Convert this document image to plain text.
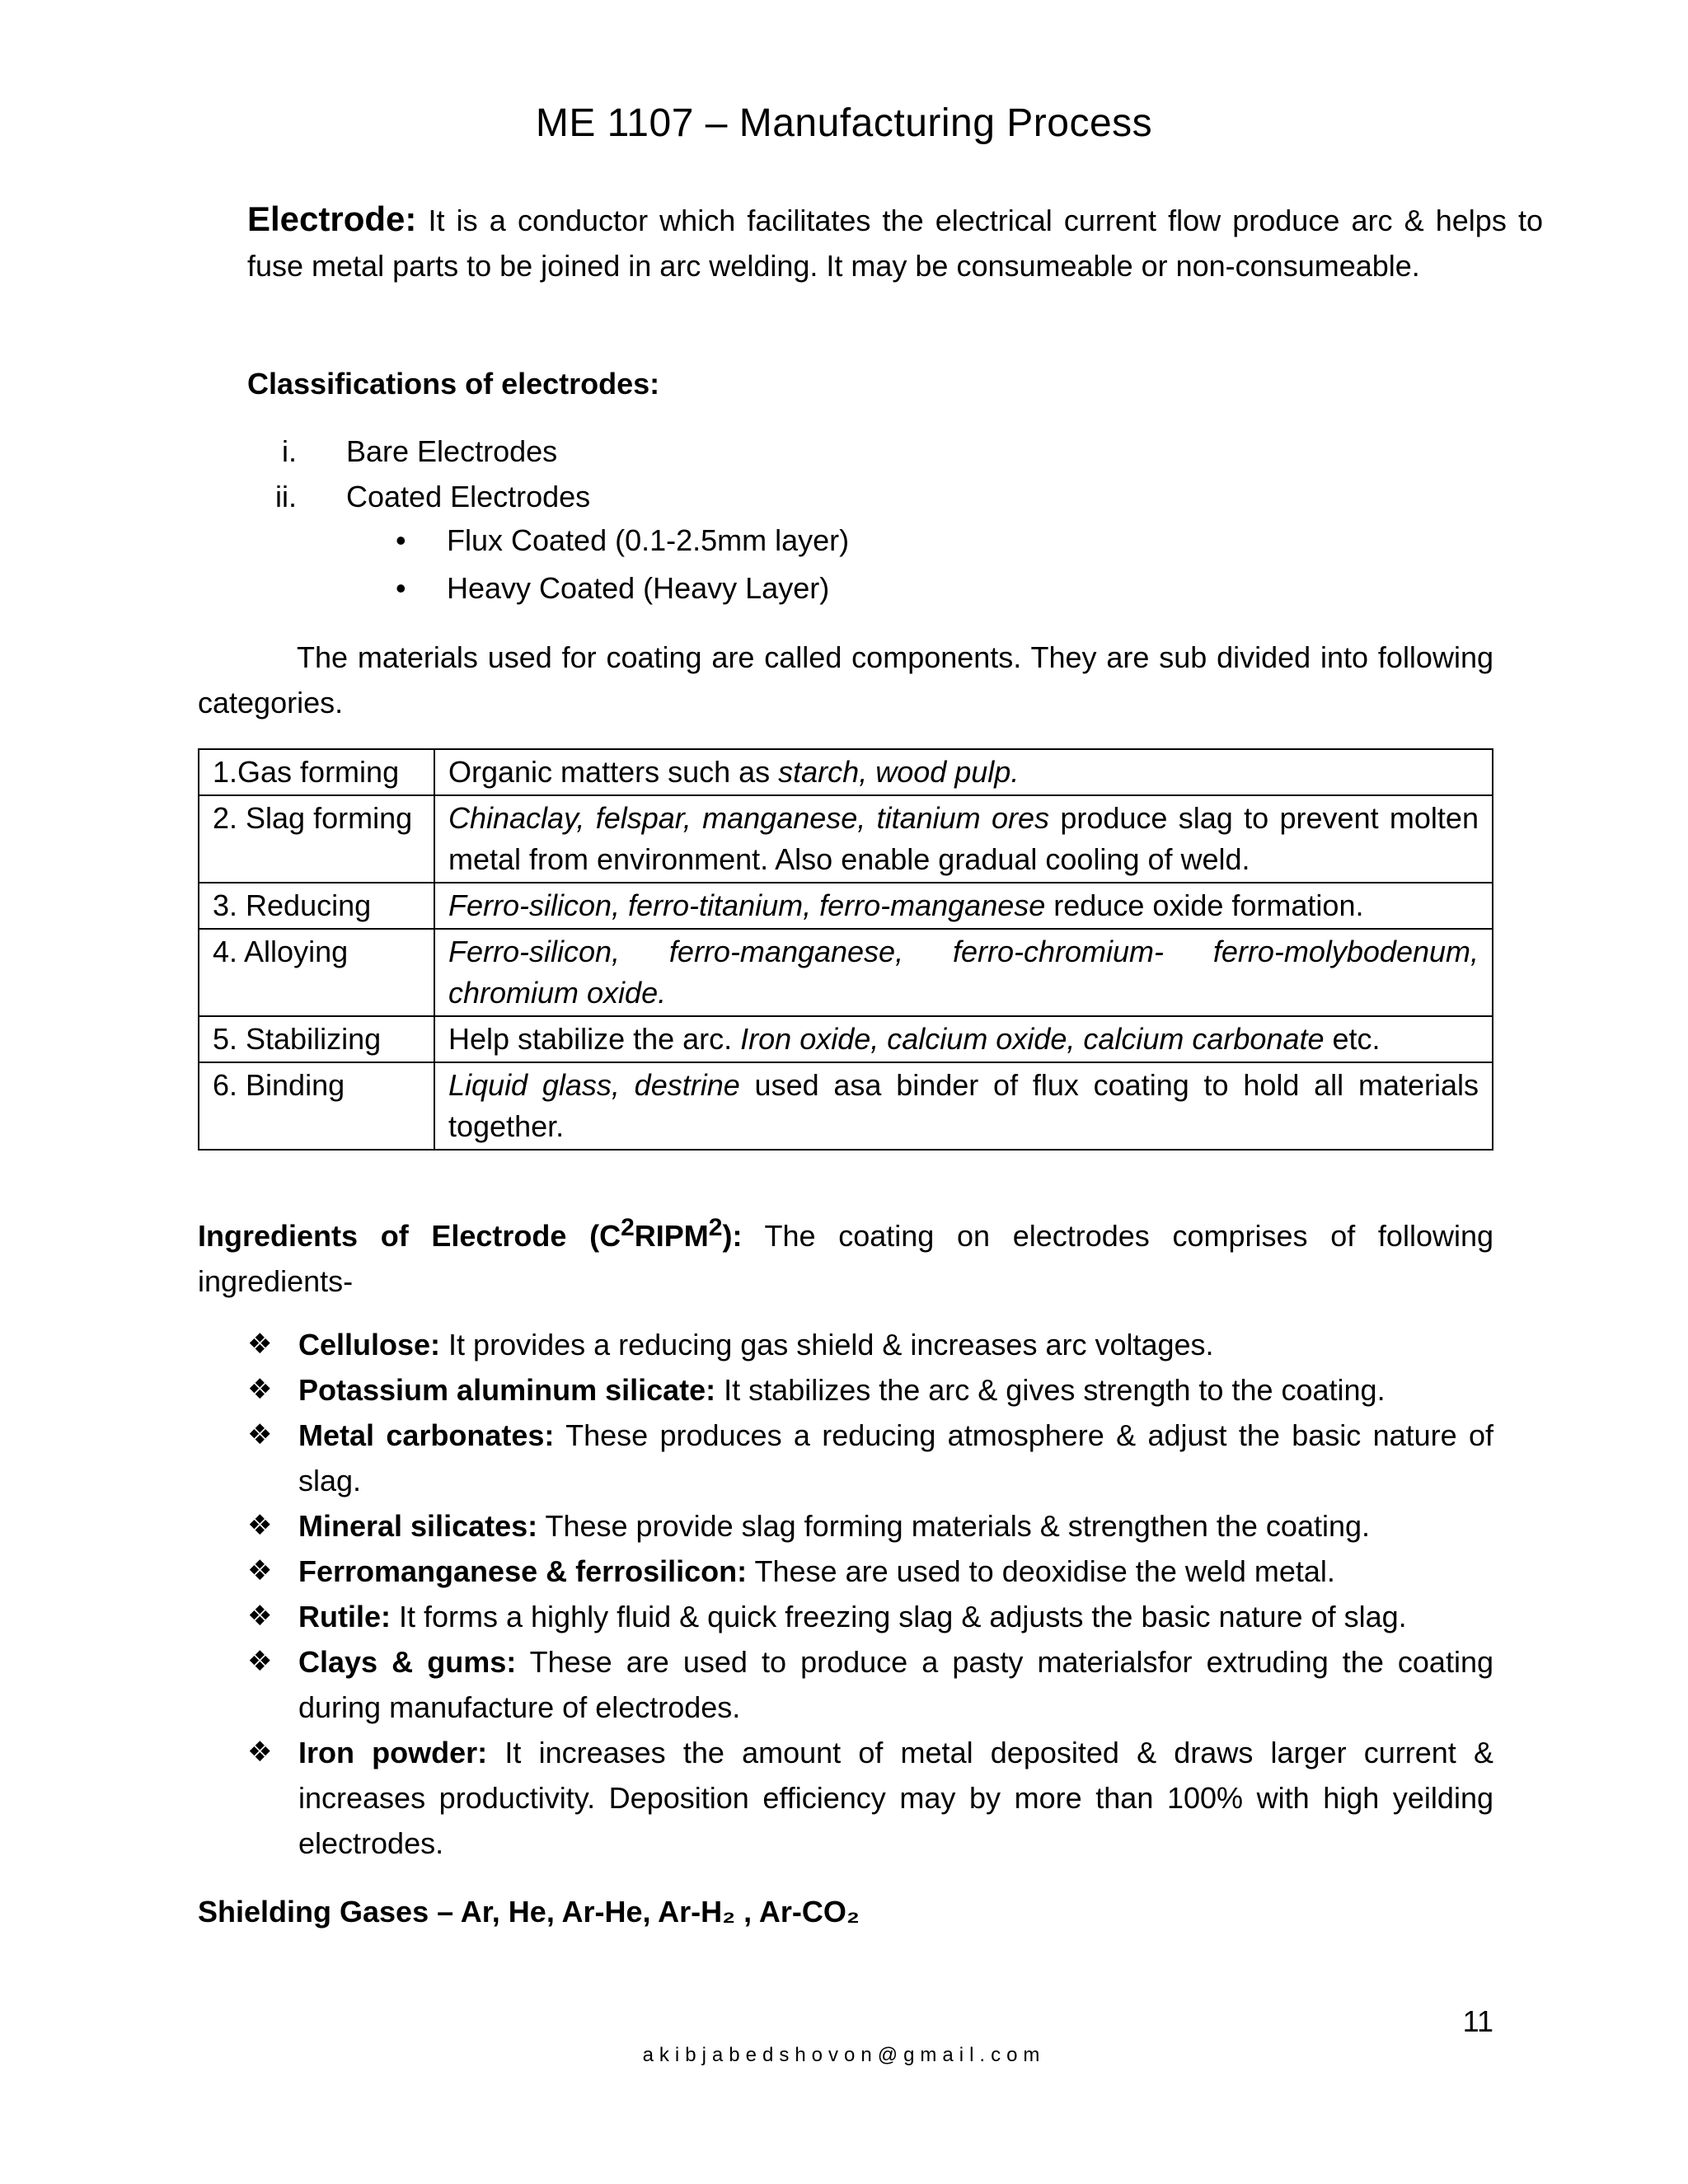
ME 1107 – Manufacturing Process
Electrode: It is a conductor which facilitates the electrical current flow produce arc & helps to fuse metal parts to be joined in arc welding. It may be consumeable or non-consumeable.
Classifications of electrodes:
i. Bare Electrodes
ii. Coated Electrodes
• Flux Coated (0.1-2.5mm layer)
• Heavy Coated (Heavy Layer)
The materials used for coating are called components. They are sub divided into following categories.
1.Gas forming	Organic matters such as starch, wood pulp.
2. Slag forming	Chinaclay, felspar, manganese, titanium ores produce slag to prevent molten metal from environment. Also enable gradual cooling of weld.
3. Reducing	Ferro-silicon, ferro-titanium, ferro-manganese reduce oxide formation.
4. Alloying	Ferro-silicon, ferro-manganese, ferro-chromium- ferro-molybodenum, chromium oxide.
5. Stabilizing	Help stabilize the arc. Iron oxide, calcium oxide, calcium carbonate etc.
6. Binding	Liquid glass, destrine used asa binder of flux coating to hold all materials together.
Ingredients of Electrode $(C^2RIPM^2)$: The coating on electrodes comprises of following ingredients-
❖ Cellulose: It provides a reducing gas shield & increases arc voltages.
❖ Potassium aluminum silicate: It stabilizes the arc & gives strength to the coating.
❖ Metal carbonates: These produces a reducing atmosphere & adjust the basic nature of slag.
❖ Mineral silicates: These provide slag forming materials & strengthen the coating.
❖ Ferromanganese & ferrosilicon: These are used to deoxidise the weld metal.
❖ Rutile: It forms a highly fluid & quick freezing slag & adjusts the basic nature of slag.
❖ Clays & gums: These are used to produce a pasty materialsfor extruding the coating during manufacture of electrodes.
❖ Iron powder: It increases the amount of metal deposited & draws larger current & increases productivity. Deposition efficiency may by more than 100% with high yeilding electrodes.
Shielding Gases – Ar, He, Ar-He, Ar-H₂ , Ar-CO₂
11
akibjabedshovon@gmail.com
